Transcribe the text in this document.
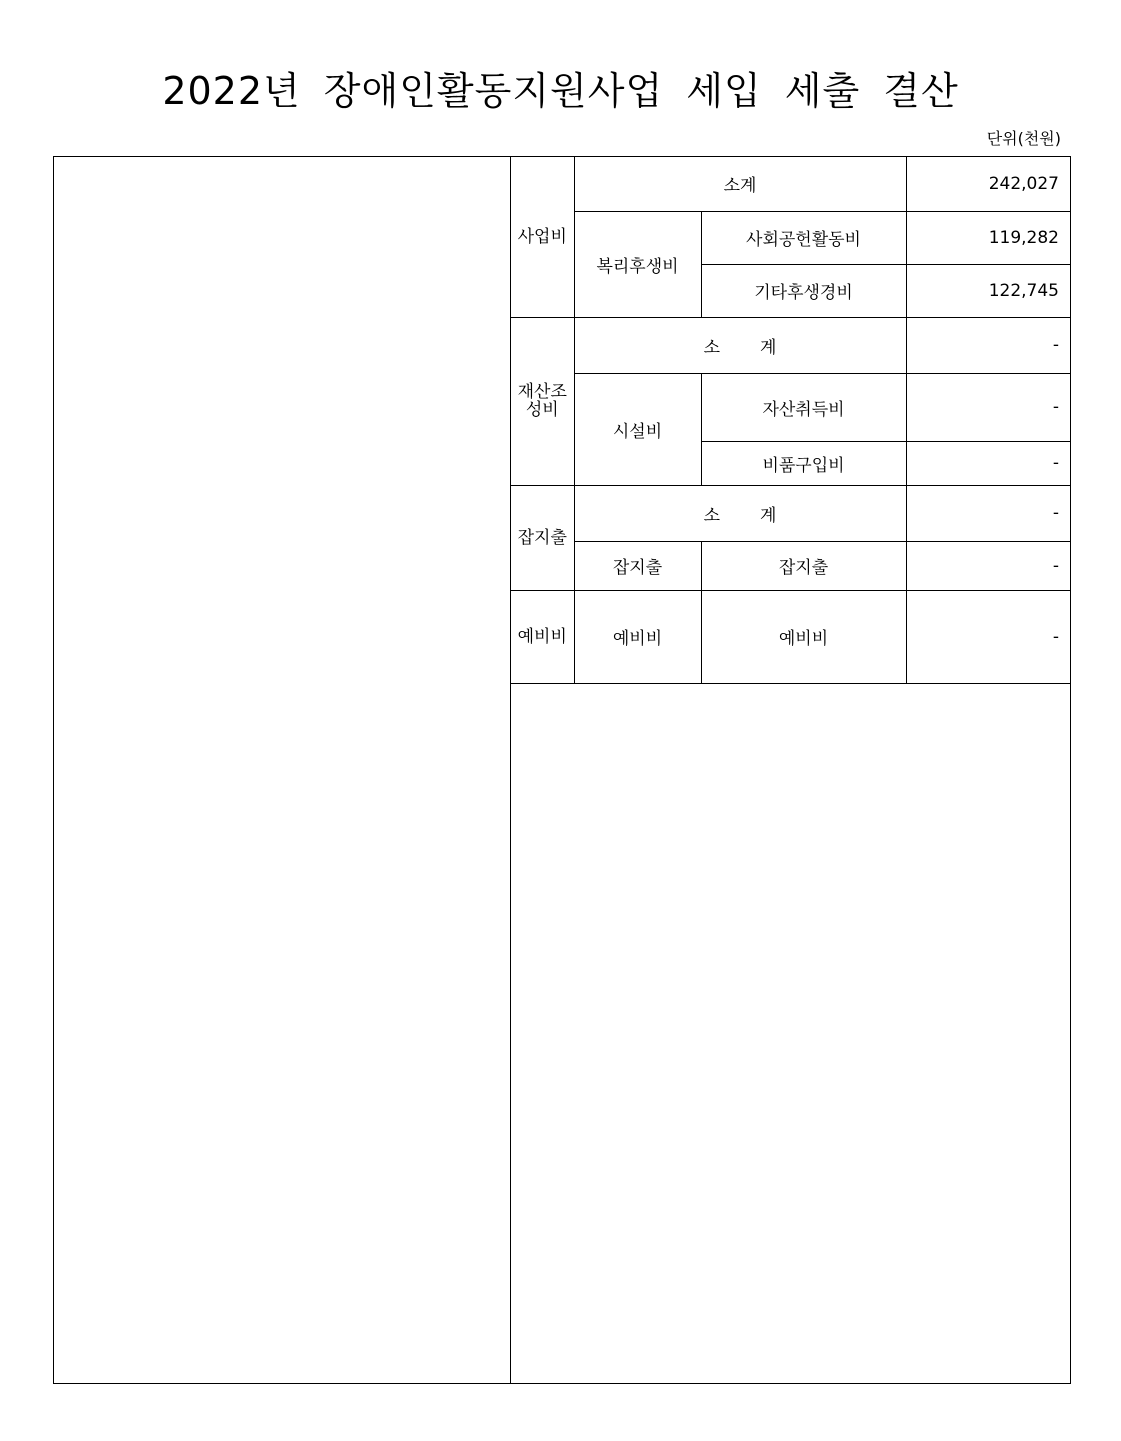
2022년 장애인활동지원사업 세입 세출 결산
단위(천원)
사업비	소계		242,027
	복리후생비	사회공헌활동비	119,282
		기타후생경비	122,745
재산조성비	소계		-
	시설비	자산취득비	-
		비품구입비	-
잡지출	소계		-
	잡지출	잡지출	-
예비비	예비비	예비비	-
